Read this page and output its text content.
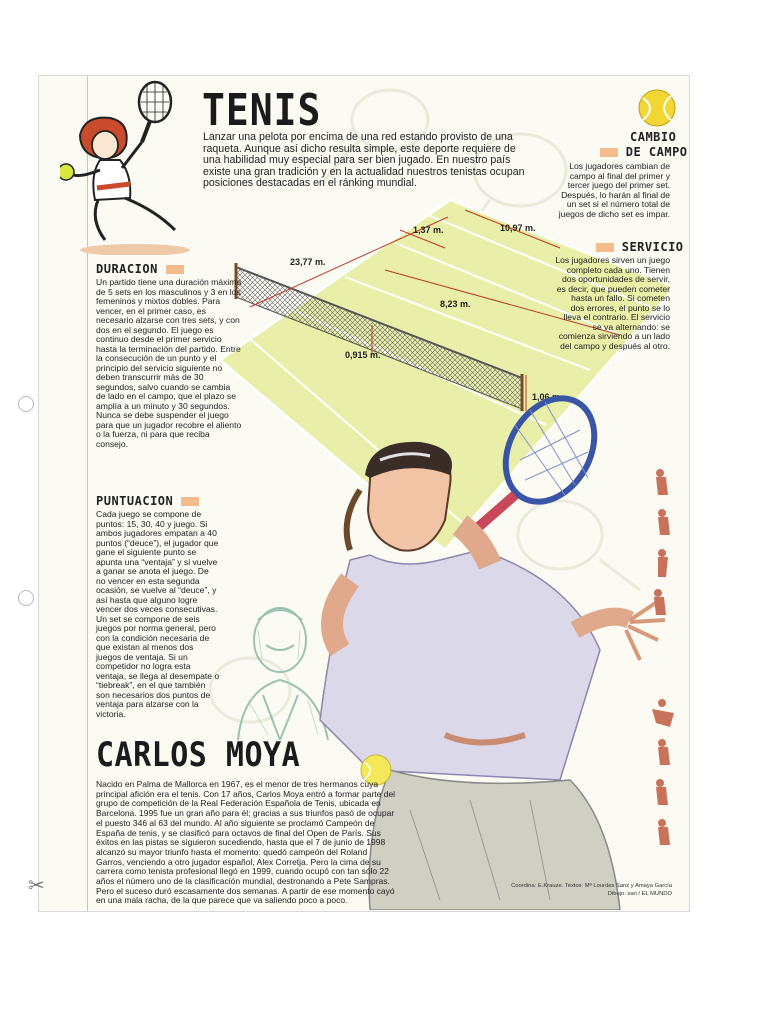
✂
TENIS
Lanzar una pelota por encima de una red estando provisto de una raqueta. Aunque así dicho resulta simple, este deporte requiere de una habilidad muy especial para ser bien jugado. En nuestro país existe una gran tradición y en la actualidad nuestros tenistas ocupan posiciones destacadas en el ránking mundial.
CAMBIO
DE CAMPO
Los jugadores cambian de campo al final del primer y tercer juego del primer set. Después, lo harán al final de un set si el número total de juegos de dicho set es impar.
23,77 m.
10,97 m.
1,37 m.
8,23 m.
0,915 m.
1,06 m.
SERVICIO
Los jugadores sirven un juego completo cada uno. Tienen dos oportunidades de servir, es decir, que pueden cometer hasta un fallo. Si cometen dos errores, el punto se lo lleva el contrario. El servicio se va alternando: se comienza sirviendo a un lado del campo y después al otro.
DURACION
Un partido tiene una duración máxima de 5 sets en los masculinos y 3 en los femeninos y mixtos dobles. Para vencer, en el primer caso, es necesario alzarse con tres sets, y con dos en el segundo. El juego es continuo desde el primer servicio hasta la terminación del partido. Entre la consecución de un punto y el principio del servicio siguiente no deben transcurrir más de 30 segundos, salvo cuando se cambia de lado en el campo, que el plazo se amplía a un minuto y 30 segundos. Nunca se debe suspender el juego para que un jugador recobre el aliento o la fuerza, ni para que reciba consejo.
PUNTUACION
Cada juego se compone de puntos: 15, 30, 40 y juego. Si ambos jugadores empatan a 40 puntos (“deuce”), el jugador que gane el siguiente punto se apunta una “ventaja” y si vuelve a ganar se anota el juego. De no vencer en esta segunda ocasión, se vuelve al “deuce”, y así hasta que alguno logre vencer dos veces consecutivas. Un set se compone de seis juegos por norma general, pero con la condición necesaria de que existan al menos dos juegos de ventaja. Si un competidor no logra esta ventaja, se llega al desempate o “tiebreak”, en el que también son necesarios dos puntos de ventaja para alzarse con la victoria.
CARLOS MOYA
Nacido en Palma de Mallorca en 1967, es el menor de tres hermanos cuya principal afición era el tenis. Con 17 años, Carlos Moya entró a formar parte del grupo de competición de la Real Federación Española de Tenis, ubicada en Barcelona. 1995 fue un gran año para él; gracias a sus triunfos pasó de ocupar el puesto 346 al 63 del mundo. Al año siguiente se proclamó Campeón de España de tenis, y se clasificó para octavos de final del Open de París. Sus éxitos en las pistas se siguieron sucediendo, hasta que el 7 de junio de 1998 alcanzó su mayor triunfo hasta el momento: quedó campeón del Roland Garros, venciendo a otro jugador español, Alex Corretja. Pero la cima de su carrera como tenista profesional llegó en 1999, cuando ocupó con tan sólo 22 años el número uno de la clasificación mundial, destronando a Pete Sampras. Pero el suceso duró escasamente dos semanas. A partir de ese momento cayó en una mala racha, de la que parece que va saliendo poco a poco.
Coordina: E.Krauze. Textos: Mª Lourdes Sanz y Amaya García
Dibujo: sari / EL MUNDO
